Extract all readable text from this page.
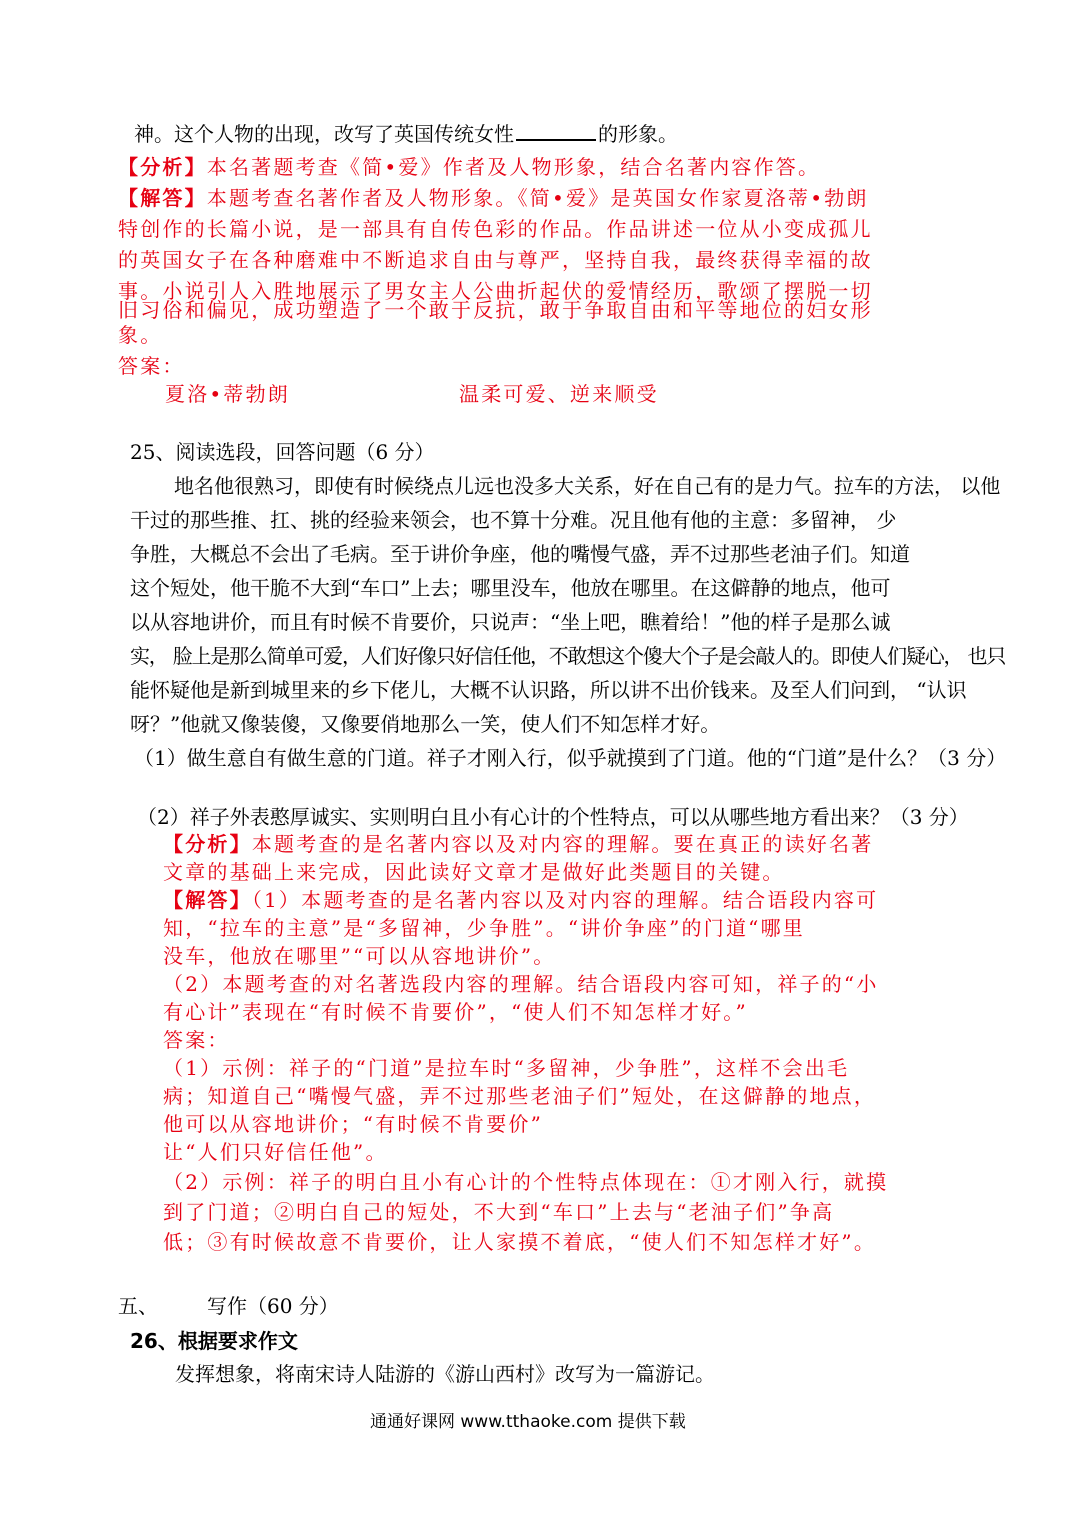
神。这个人物的出现，改写了英国传统女性	的形象。
【分析】本名著题考查《简•爱》作者及人物形象，结合名著内容作答。
【解答】本题考查名著作者及人物形象。《简•爱》是英国女作家夏洛蒂•勃朗
特创作的长篇小说，是一部具有自传色彩的作品。作品讲述一位从小变成孤儿
的英国女子在各种磨难中不断追求自由与尊严，坚持自我，最终获得幸福的故
事。小说引人入胜地展示了男女主人公曲折起伏的爱情经历，歌颂了摆脱一切
旧习俗和偏见，成功塑造了一个敢于反抗，敢于争取自由和平等地位的妇女形
象。
答案：
夏洛•蒂勃朗	温柔可爱、逆来顺受
25、阅读选段，回答问题（6 分）
地名他很熟习，即使有时候绕点儿远也没多大关系，好在自己有的是力气。拉车的方法， 以他
干过的那些推、扛、挑的经验来领会，也不算十分难。况且他有他的主意：多留神， 少
争胜，大概总不会出了毛病。至于讲价争座，他的嘴慢气盛，弄不过那些老油子们。知道
这个短处，他干脆不大到“车口”上去；哪里没车，他放在哪里。在这僻静的地点，他可
以从容地讲价，而且有时候不肯要价，只说声：“坐上吧，瞧着给！”他的样子是那么诚
实， 脸上是那么简单可爱，人们好像只好信任他，不敢想这个傻大个子是会敲人的。即使人们疑心， 也只
能怀疑他是新到城里来的乡下佬儿，大概不认识路，所以讲不出价钱来。及至人们问到， “认识
呀？”他就又像装傻，又像要俏地那么一笑，使人们不知怎样才好。
（1）做生意自有做生意的门道。祥子才刚入行，似乎就摸到了门道。他的“门道”是什么？（3 分）
（2）祥子外表憨厚诚实、实则明白且小有心计的个性特点，可以从哪些地方看出来？（3 分）
【分析】本题考查的是名著内容以及对内容的理解。要在真正的读好名著
文章的基础上来完成，因此读好文章才是做好此类题目的关键。
【解答】（1）本题考查的是名著内容以及对内容的理解。结合语段内容可
知，“拉车的主意”是“多留神，少争胜”。“讲价争座”的门道“哪里
没车，他放在哪里”“可以从容地讲价”。
（2）本题考查的对名著选段内容的理解。结合语段内容可知，祥子的“小
有心计”表现在“有时候不肯要价”，“使人们不知怎样才好。”
答案：
（1）示例：祥子的“门道”是拉车时“多留神，少争胜”，这样不会出毛
病；知道自己“嘴慢气盛，弄不过那些老油子们”短处，在这僻静的地点，
他可以从容地讲价；“有时候不肯要价”
让“人们只好信任他”。
（2）示例：祥子的明白且小有心计的个性特点体现在：①才刚入行，就摸
到了门道；②明白自己的短处，不大到“车口”上去与“老油子们”争高
低；③有时候故意不肯要价，让人家摸不着底，“使人们不知怎样才好”。
五、 写作（60 分）
26、根据要求作文
发挥想象，将南宋诗人陆游的《游山西村》改写为一篇游记。
通通好课网 www.tthaoke.com 提供下载
